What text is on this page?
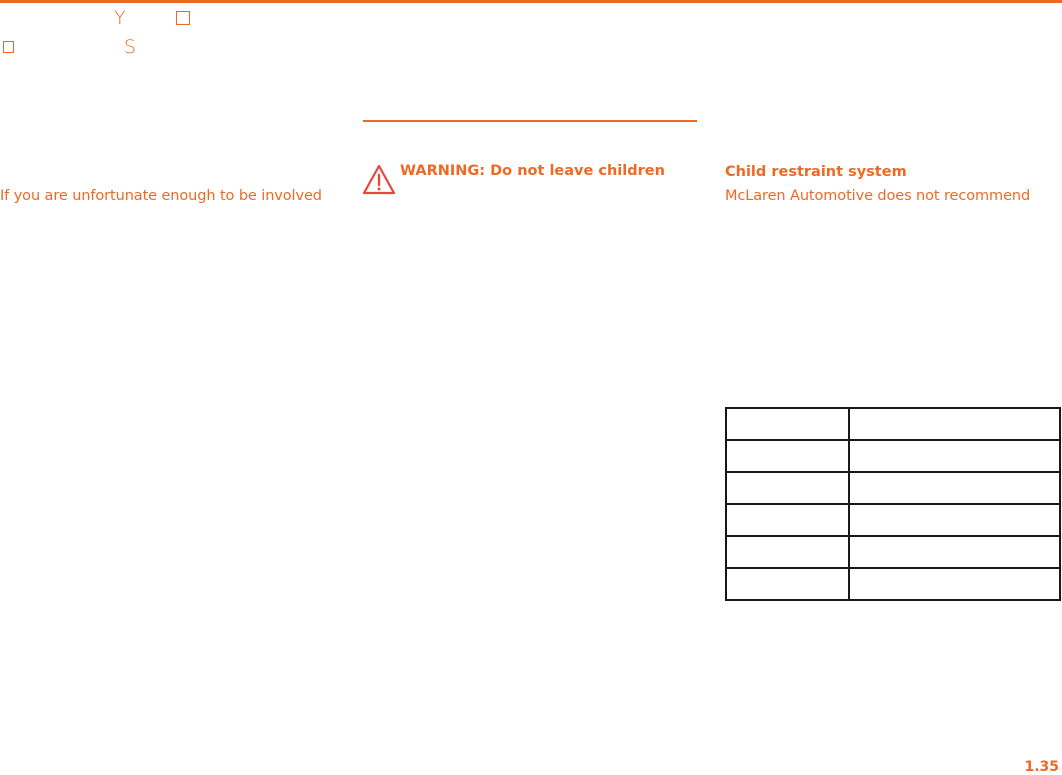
Y
S
If you are unfortunate enough to be involved
WARNING: Do not leave children	Child restraint system
McLaren Automotive does not recommend

1.35
